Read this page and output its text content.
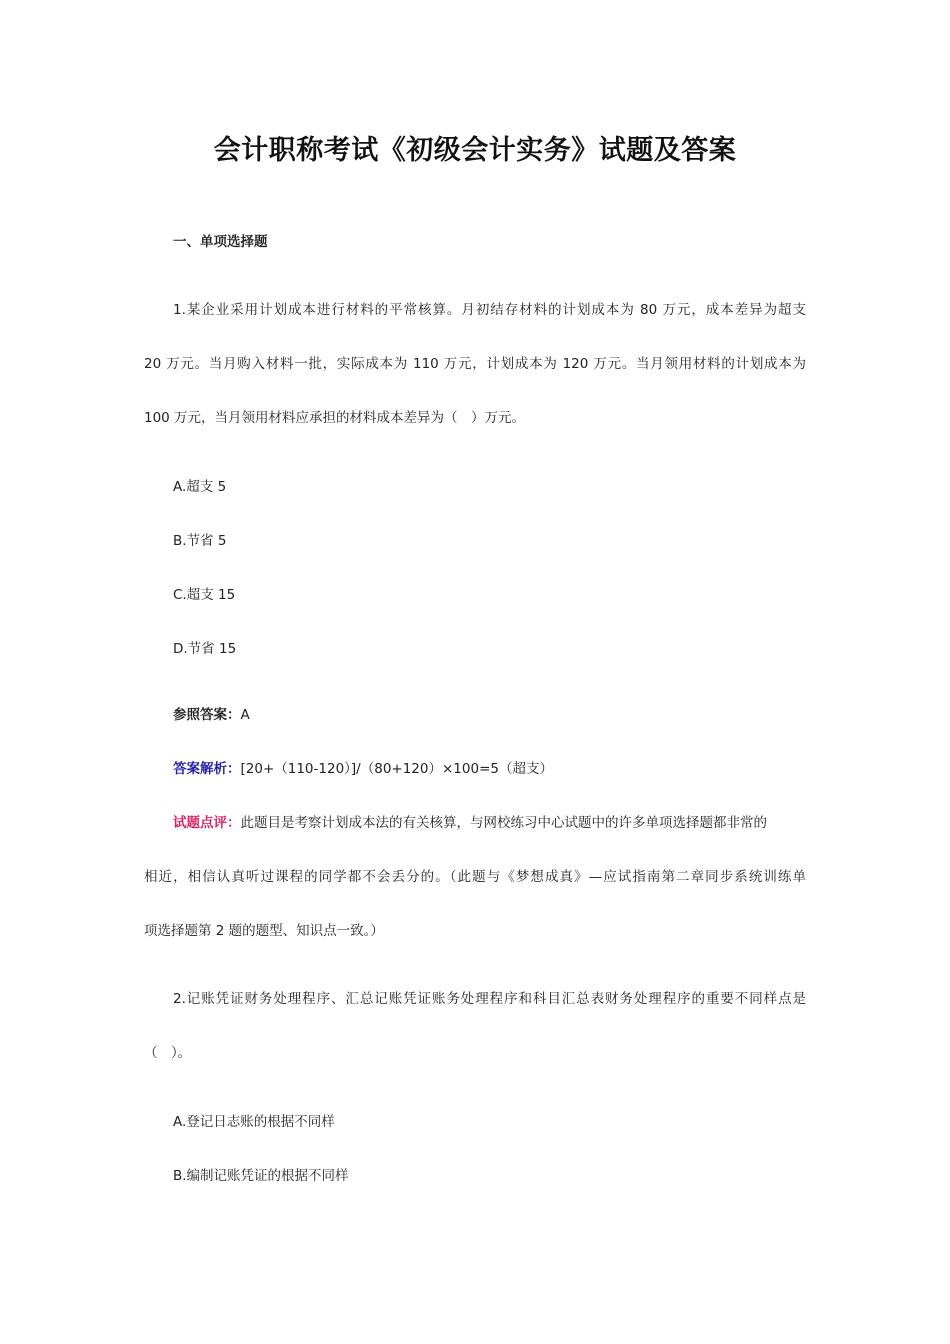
会计职称考试《初级会计实务》试题及答案
一、单项选择题
1.某企业采用计划成本进行材料的平常核算。月初结存材料的计划成本为 80 万元，成本差异为超支
20 万元。当月购入材料一批，实际成本为 110 万元，计划成本为 120 万元。当月领用材料的计划成本为
100 万元，当月领用材料应承担的材料成本差异为（　）万元。
A.超支 5
B.节省 5
C.超支 15
D.节省 15
参照答案：A
答案解析：[20+（110-120）]/（80+120）×100=5（超支）
试题点评：此题目是考察计划成本法的有关核算，与网校练习中心试题中的许多单项选择题都非常的
相近，相信认真听过课程的同学都不会丢分的。（此题与《梦想成真》—应试指南第二章同步系统训练单
项选择题第 2 题的题型、知识点一致。）
2.记账凭证财务处理程序、汇总记账凭证账务处理程序和科目汇总表财务处理程序的重要不同样点是
（　）。
A.登记日志账的根据不同样
B.编制记账凭证的根据不同样
